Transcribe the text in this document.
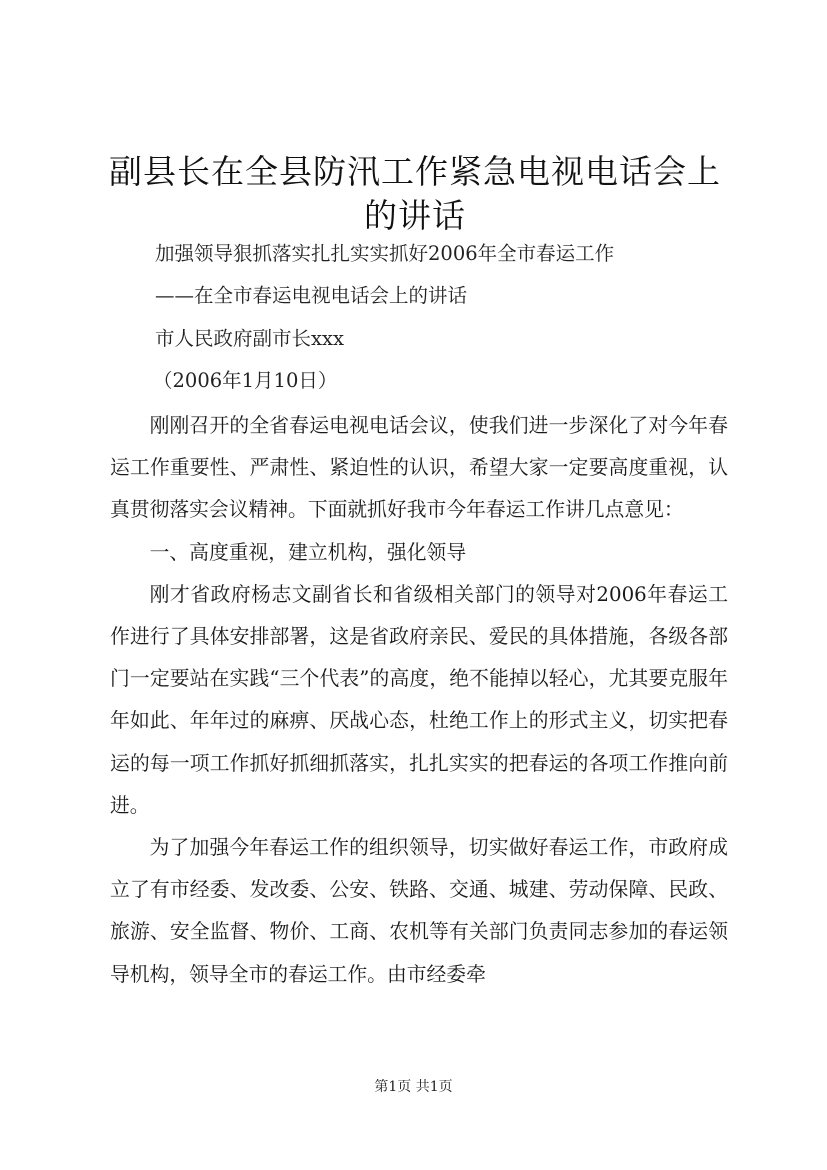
副县长在全县防汛工作紧急电视电话会上的讲话
加强领导狠抓落实扎扎实实抓好2006年全市春运工作
——在全市春运电视电话会上的讲话
市人民政府副市长xxx
（2006年1月10日）

刚刚召开的全省春运电视电话会议，使我们进一步深化了对今年春运工作重要性、严肃性、紧迫性的认识，希望大家一定要高度重视，认真贯彻落实会议精神。下面就抓好我市今年春运工作讲几点意见：

一、高度重视，建立机构，强化领导

刚才省政府杨志文副省长和省级相关部门的领导对2006年春运工作进行了具体安排部署，这是省政府亲民、爱民的具体措施，各级各部门一定要站在实践“三个代表”的高度，绝不能掉以轻心，尤其要克服年年如此、年年过的麻痹、厌战心态，杜绝工作上的形式主义，切实把春运的每一项工作抓好抓细抓落实，扎扎实实的把春运的各项工作推向前进。

为了加强今年春运工作的组织领导，切实做好春运工作，市政府成立了有市经委、发改委、公安、铁路、交通、城建、劳动保障、民政、旅游、安全监督、物价、工商、农机等有关部门负责同志参加的春运领导机构，领导全市的春运工作。由市经委牵

第1页 共1页
